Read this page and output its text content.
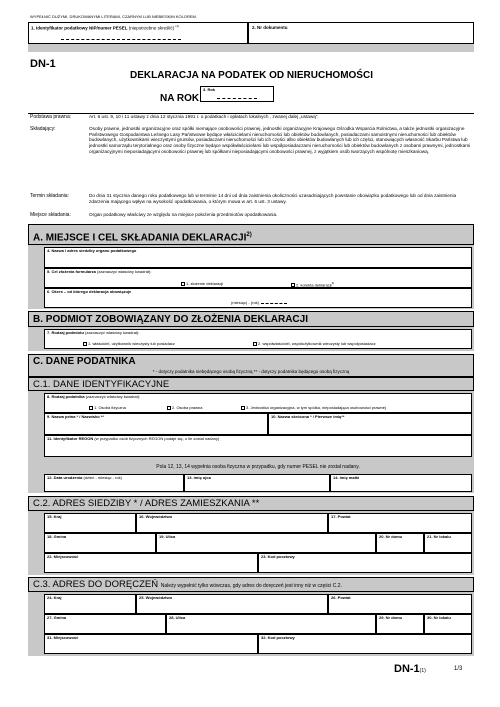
WYPEŁNIĆ DUŻYMI, DRUKOWANYMI LITERAMI, CZARNYM LUB NIEBIESKIM KOLOREM.
1. Identyfikator podatkowy NIP/numer PESEL (niepotrzebne skreślić) $^{(1)}$	2. Nr dokumentu
DN-1
DEKLARACJA NA PODATEK OD NIERUCHOMOŚCI
NA ROK
3. Rok
Podstawa prawna:	Art. 6 ust. 9, 10 i 11 ustawy z dnia 12 stycznia 1991 r. o podatkach i opłatach lokalnych , zwanej dalej „ustawą”.
Składający:	Osoby prawne, jednostki organizacyjne oraz spółki niemające osobowości prawnej, jednostki organizacyjne Krajowego Ośrodka Wsparcia Rolnictwa, a także jednostki organizacyjne Państwowego Gospodarstwa Leśnego Lasy Państwowe będące właścicielami nieruchomości lub obiektów budowlanych, posiadaczami samoistnymi nieruchomości lub obiektów budowlanych, użytkownikami wieczystymi gruntów, posiadaczami nieruchomości lub ich części albo obiektów budowlanych lub ich części, stanowiących własność Skarbu Państwa lub jednostki samorządu terytorialnego oraz osoby fizyczne będące współwłaścicielami lub współposiadaczami nieruchomości lub obiektów budowlanych z osobami prawnymi, jednostkami organizacyjnymi nieposiadającymi osobowości prawnej lub spółkami nieposiadającymi osobowości prawnej, z wyjątkiem osób tworzących wspólnotę mieszkaniową.
Termin składania:	Do dnia 31 stycznia danego roku podatkowego lub w terminie 14 dni od dnia zaistnienia okoliczności uzasadniających powstanie obowiązku podatkowego lub od dnia zaistnienia zdarzenia mającego wpływ na wysokość opodatkowania, o którym mowa w art. 6 ust. 3 ustawy.
Miejsce składania:	Organ podatkowy właściwy ze względu na miejsce położenia przedmiotów opodatkowania.
A. MIEJSCE I CEL SKŁADANIA DEKLARACJI$^{2)}$
4. Nazwa i adres siedziby organu podatkowego
5. Cel złożenia formularza (zaznaczyć właściwy kwadrat):
1. złożenie deklaracji	2. korekta deklaracji$^{3)}$
6. Okres – od którego deklaracja obowiązuje
(miesiąc) - (rok)
B. PODMIOT ZOBOWIĄZANY DO ZŁOŻENIA DEKLARACJI
7. Rodzaj podmiotu (zaznaczyć właściwy kwadrat):
1. właściciel, użytkownik wieczysty lub posiadacz	2. współwłaściciel, współużytkownik wieczysty lub współposiadacz
C. DANE PODATNIKA
* - dotyczy podatnika niebędącego osobą fizyczną ** - dotyczy podatnika będącego osobą fizyczną
C.1. DANE IDENTYFIKACYJNE
8. Rodzaj podatnika (zaznaczyć właściwy kwadrat):
1. Osoba fizyczna	2. Osoba prawna	3. Jednostka organizacyjna, w tym spółka, nieposiadająca osobowości prawnej
9. Nazwa pełna * / Nazwisko **	10. Nazwa skrócona * / Pierwsze imię**
11. Identyfikator REGON (w przypadku osób fizycznych REGON podaje się, o ile został nadany)
Pola 12, 13, 14 wypełnia osoba fizyczna w przypadku, gdy numer PESEL nie został nadany.
12. Data urodzenia (dzień - miesiąc - rok)	13. Imię ojca	14. Imię matki
C.2. ADRES SIEDZIBY * / ADRES ZAMIESZKANIA **
15. Kraj	16. Województwo	17. Powiat
18. Gmina	19. Ulica	20. Nr domu	21. Nr lokalu
22. Miejscowość	23. Kod pocztowy
C.3. ADRES DO DORĘCZEŃ Należy wypełnić tylko wówczas, gdy adres do doręczeń jest inny niż w części C.2.
24. Kraj	25. Województwo	26. Powiat
27. Gmina	28. Ulica	29. Nr domu	30. Nr lokalu
31. Miejscowość	32. Kod pocztowy
DN-1(1)	1/3
